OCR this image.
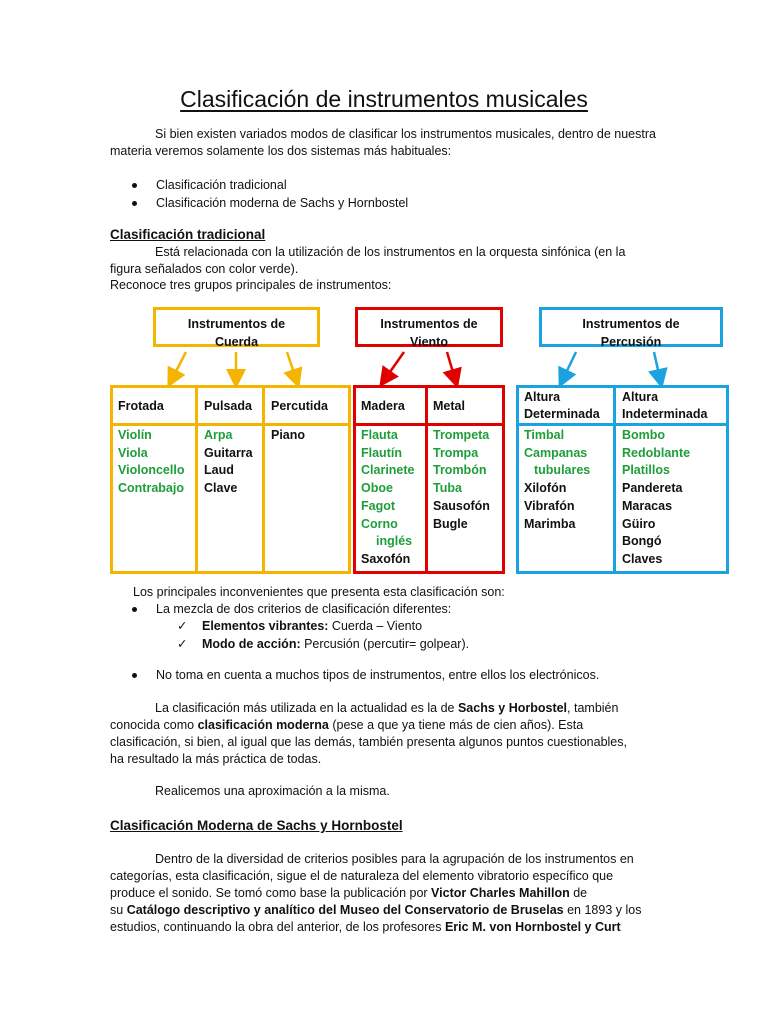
Clasificación de instrumentos musicales
Si bien existen variados modos de clasificar los instrumentos musicales, dentro de nuestra
materia veremos solamente los dos sistemas más habituales:
Clasificación tradicional
Clasificación moderna de Sachs y Hornbostel
Clasificación tradicional
Está relacionada con la utilización de los instrumentos en la orquesta sinfónica (en la
figura señalados con color verde).
Reconoce tres grupos principales de instrumentos:
Instrumentos de
Cuerda
Instrumentos de
Viento
Instrumentos de
Percusión
Frotada	Pulsada Percutida
Violín
Viola
Violoncello
Contrabajo
Arpa
Guitarra
Laud
Clave
Piano
Madera Metal
Flauta
Flautín
Clarinete
Oboe
Fagot
Corno
inglés
Saxofón
Trompeta
Trompa
Trombón
Tuba
Sausofón
Bugle
Altura
Determinada
Altura
Indeterminada
Timbal
Campanas
tubulares
Xilofón
Vibrafón
Marimba
Bombo
Redoblante
Platillos
Pandereta
Maracas
Güiro
Bongó
Claves
Los principales inconvenientes que presenta esta clasificación son:
La mezcla de dos criterios de clasificación diferentes:
✓ Elementos vibrantes: Cuerda – Viento
✓ Modo de acción: Percusión (percutir= golpear).
No toma en cuenta a muchos tipos de instrumentos, entre ellos los electrónicos.
La clasificación más utilizada en la actualidad es la de Sachs y Horbostel, también
conocida como clasificación moderna (pese a que ya tiene más de cien años). Esta
clasificación, si bien, al igual que las demás, también presenta algunos puntos cuestionables,
ha resultado la más práctica de todas.
Realicemos una aproximación a la misma.
Clasificación Moderna de Sachs y Hornbostel
Dentro de la diversidad de criterios posibles para la agrupación de los instrumentos en
categorías, esta clasificación, sigue el de naturaleza del elemento vibratorio específico que
produce el sonido. Se tomó como base la publicación por Victor Charles Mahillon de
su Catálogo descriptivo y analítico del Museo del Conservatorio de Bruselas en 1893 y los
estudios, continuando la obra del anterior, de los profesores Eric M. von Hornbostel y Curt
